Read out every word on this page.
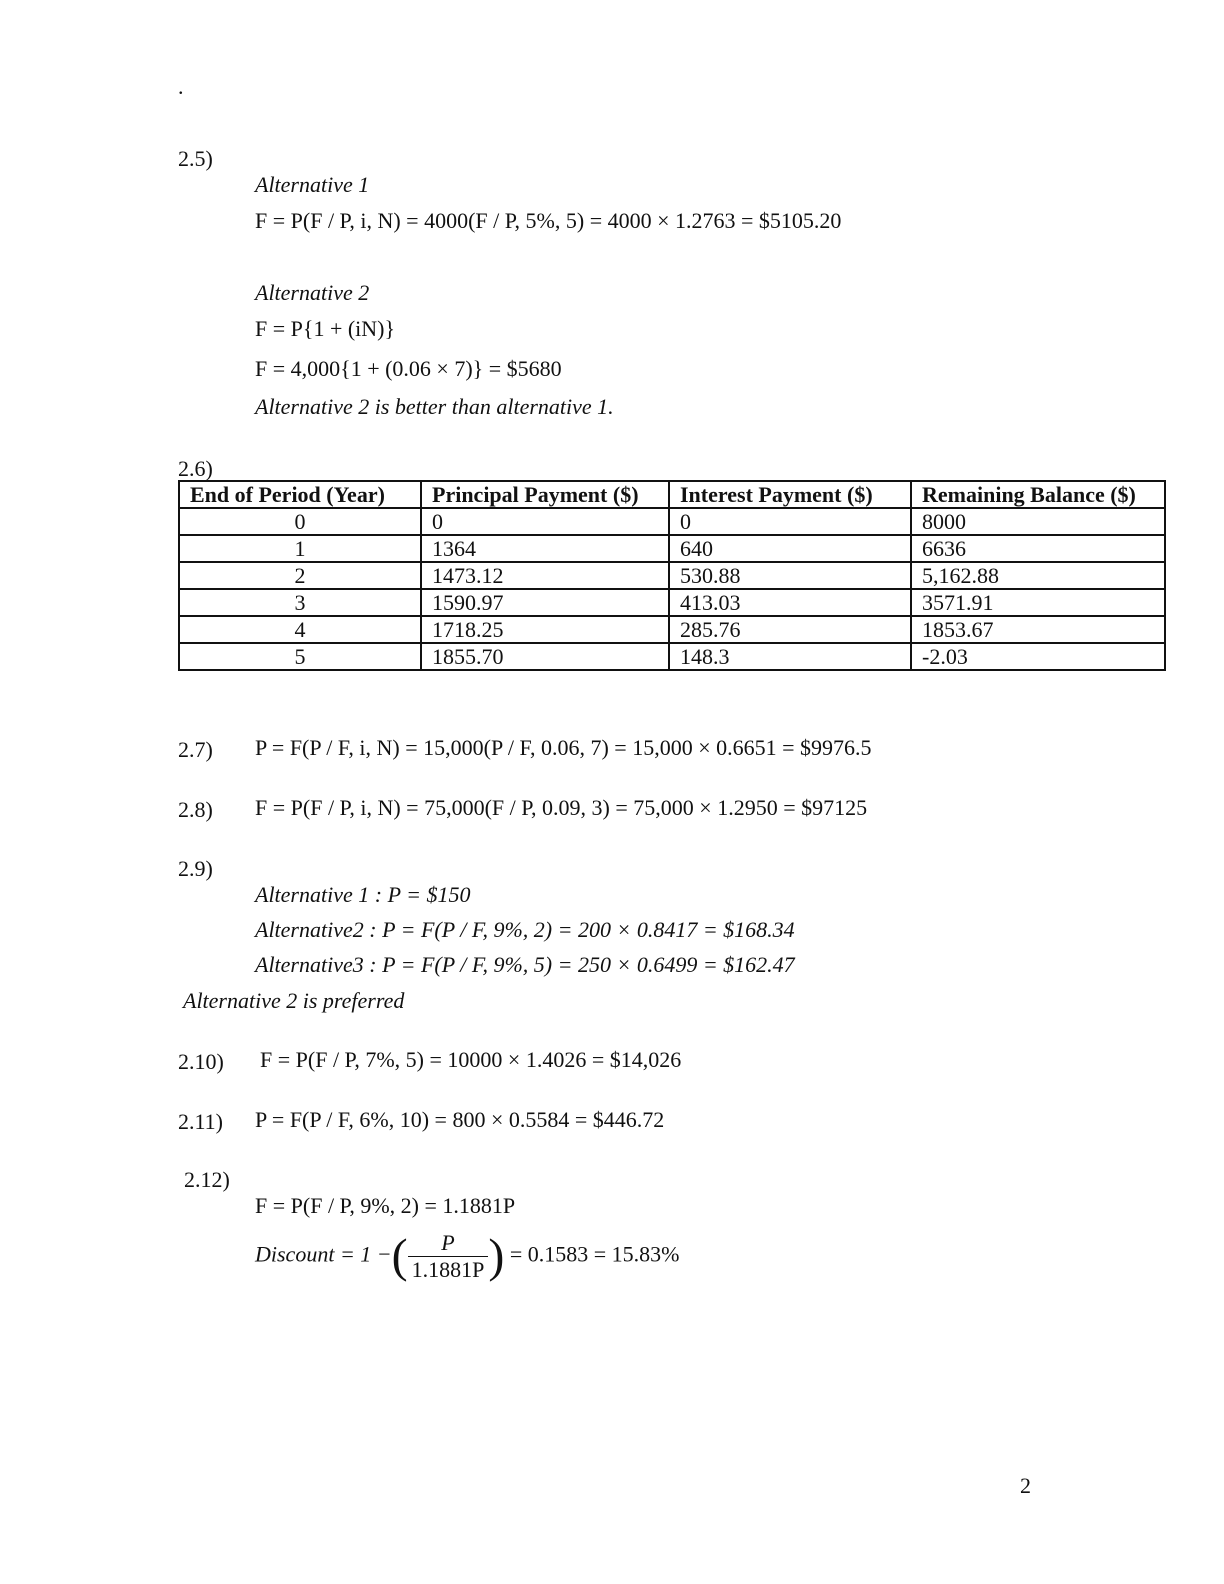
.
2.5)
Alternative 1
F = P(F / P, i, N) = 4000(F / P, 5%, 5) = 4000 × 1.2763 = $5105.20
Alternative 2
F = P{1 + (iN)}
F = 4,000{1 + (0.06 × 7)} = $5680
Alternative 2 is better than alternative 1.
2.6)
End of Period (Year)	Principal Payment ($)	Interest Payment ($)	Remaining Balance ($)
0	0	0	8000
1	1364	640	6636
2	1473.12	530.88	5,162.88
3	1590.97	413.03	3571.91
4	1718.25	285.76	1853.67
5	1855.70	148.3	-2.03
2.7) P = F(P / F, i, N) = 15,000(P / F, 0.06, 7) = 15,000 × 0.6651 = $9976.5
2.8) F = P(F / P, i, N) = 75,000(F / P, 0.09, 3) = 75,000 × 1.2950 = $97125
2.9)
Alternative 1 : P = $150
Alternative2 : P = F(P / F, 9%, 2) = 200 × 0.8417 = $168.34
Alternative3 : P = F(P / F, 9%, 5) = 250 × 0.6499 = $162.47
Alternative 2 is preferred
2.10) F = P(F / P, 7%, 5) = 10000 × 1.4026 = $14,026
2.11) P = F(P / F, 6%, 10) = 800 × 0.5584 = $446.72
2.12)
F = P(F / P, 9%, 2) = 1.1881P
Discount = 1 −( $\frac{P}{1.1881P}$ ) = 0.1583 = 15.83%
2
